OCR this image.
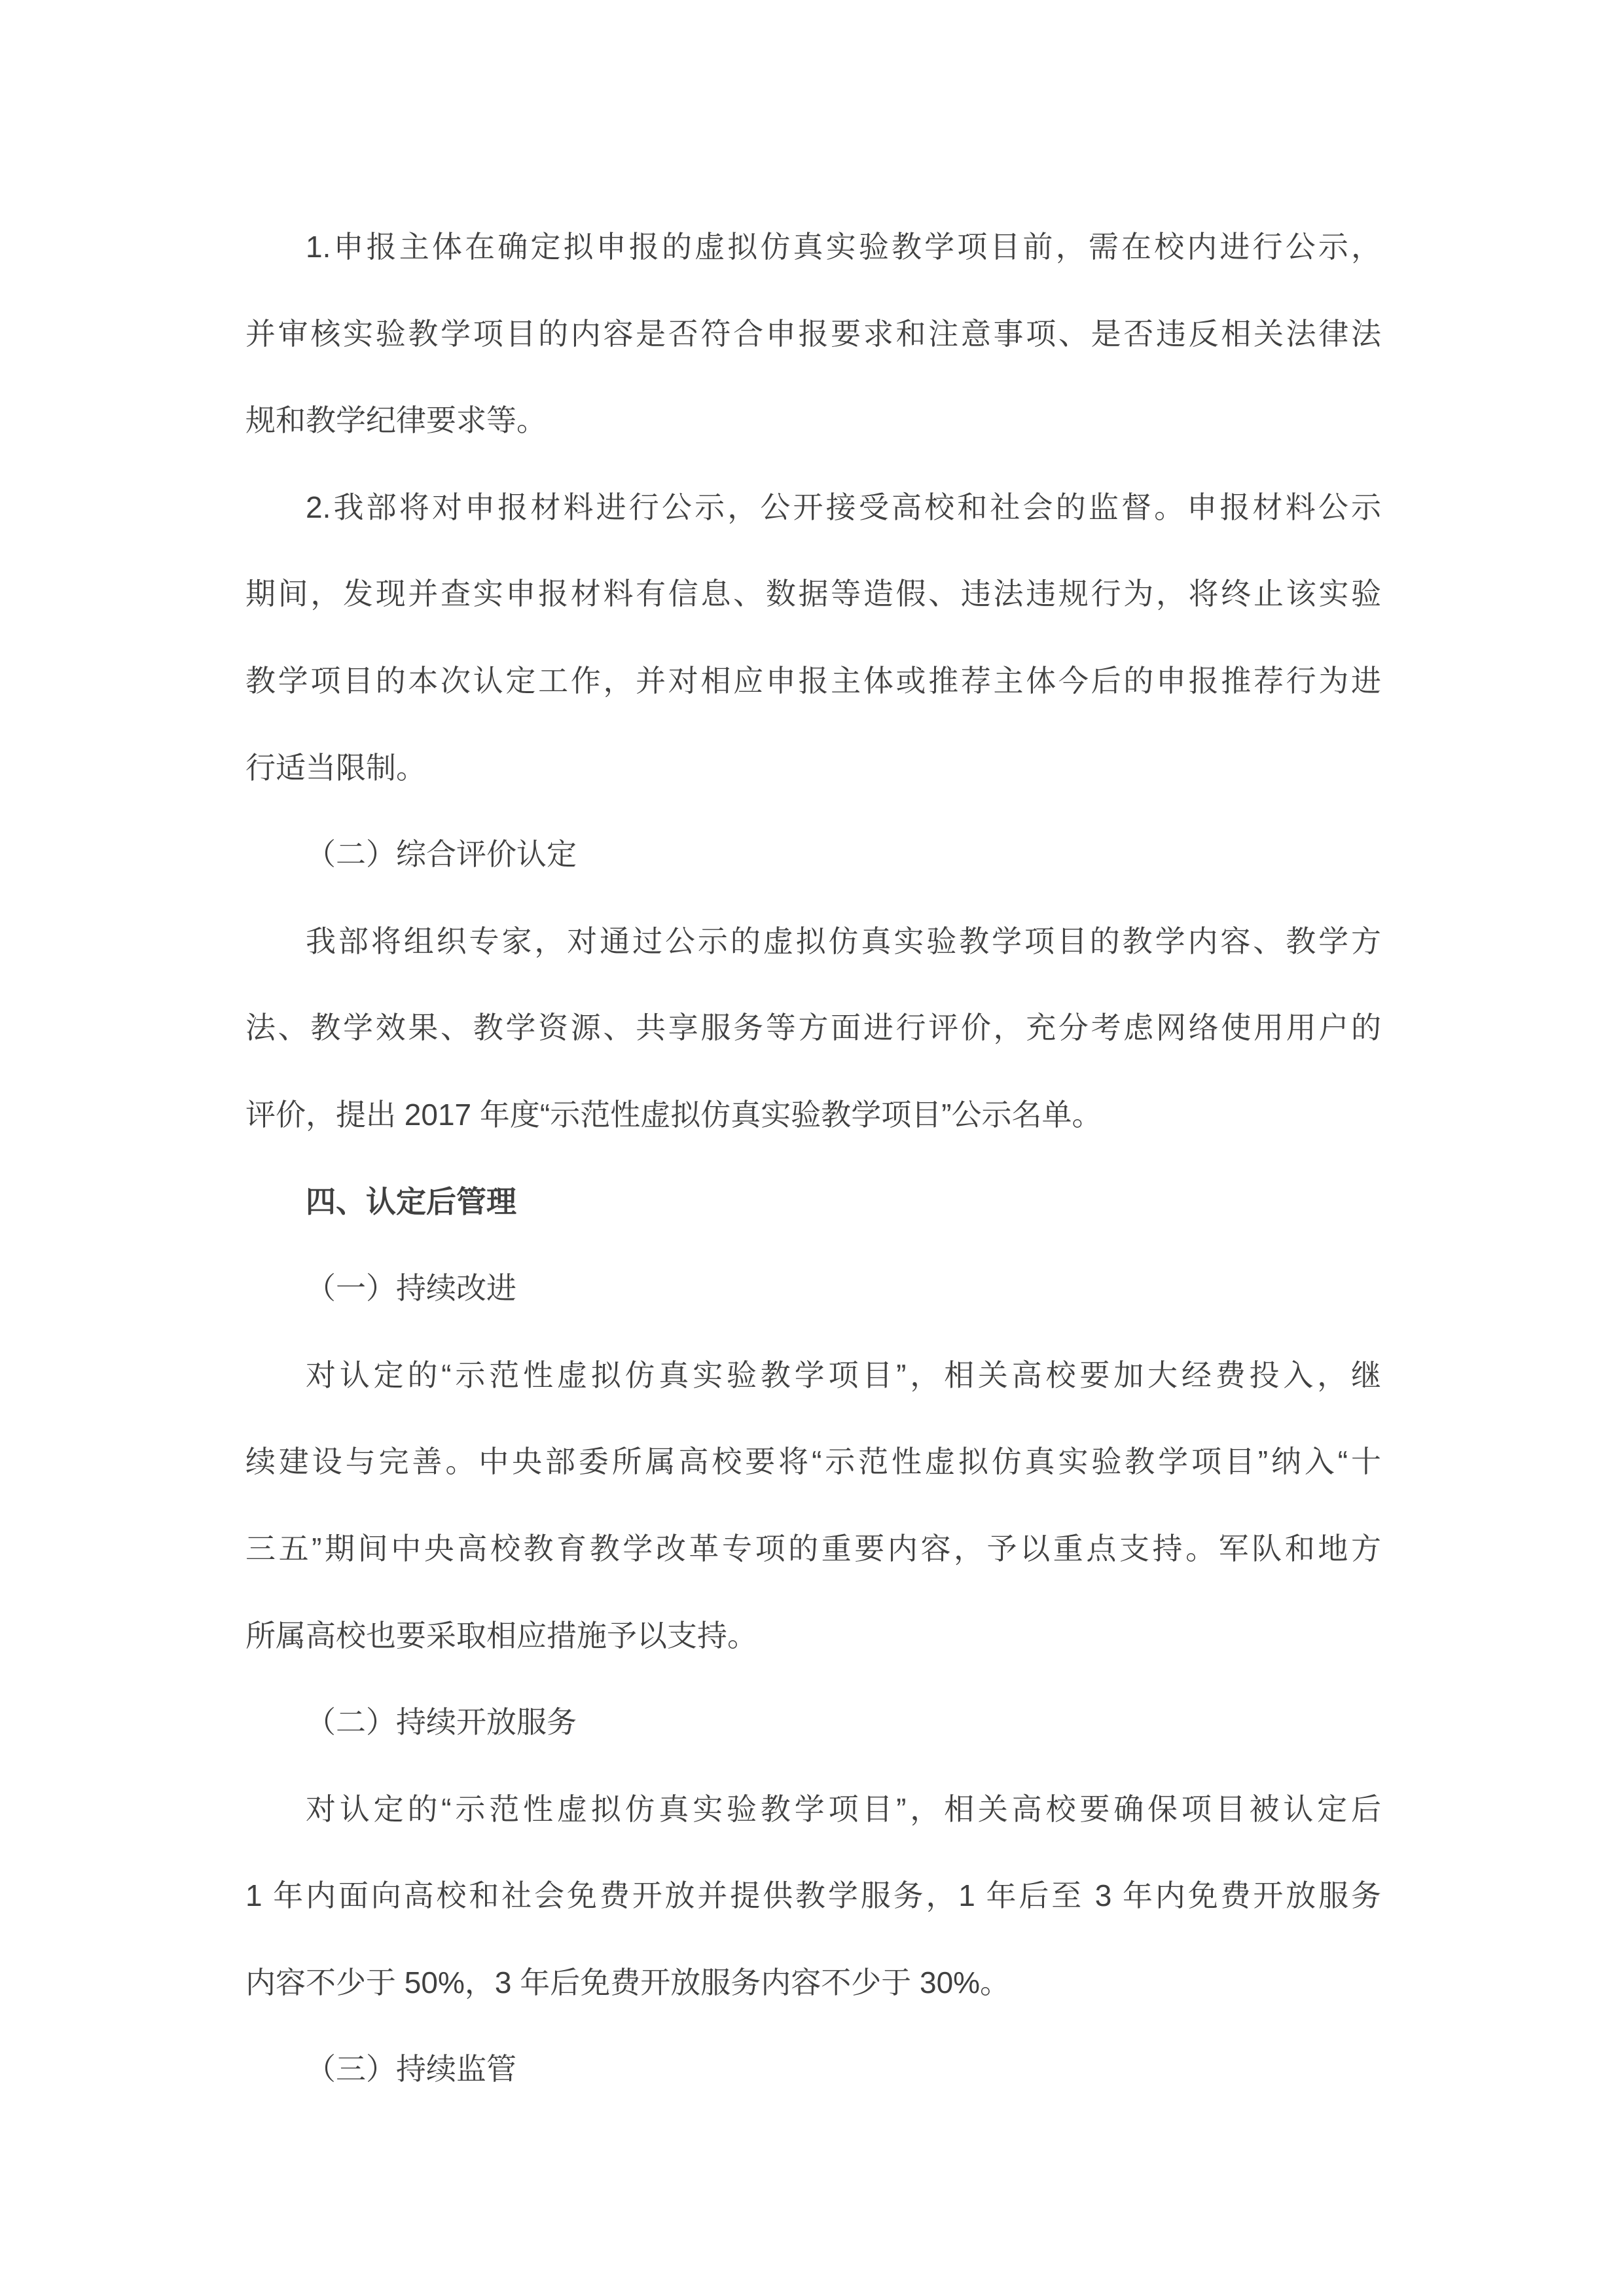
1.申报主体在确定拟申报的虚拟仿真实验教学项目前，需在校内进行公示，
并审核实验教学项目的内容是否符合申报要求和注意事项、是否违反相关法律法
规和教学纪律要求等。
2.我部将对申报材料进行公示，公开接受高校和社会的监督。申报材料公示
期间，发现并查实申报材料有信息、数据等造假、违法违规行为，将终止该实验
教学项目的本次认定工作，并对相应申报主体或推荐主体今后的申报推荐行为进
行适当限制。
（二）综合评价认定
我部将组织专家，对通过公示的虚拟仿真实验教学项目的教学内容、教学方
法、教学效果、教学资源、共享服务等方面进行评价，充分考虑网络使用用户的
评价，提出 2017 年度“示范性虚拟仿真实验教学项目”公示名单。
四、认定后管理
（一）持续改进
对认定的“示范性虚拟仿真实验教学项目”，相关高校要加大经费投入，继
续建设与完善。中央部委所属高校要将“示范性虚拟仿真实验教学项目”纳入“十
三五”期间中央高校教育教学改革专项的重要内容，予以重点支持。军队和地方
所属高校也要采取相应措施予以支持。
（二）持续开放服务
对认定的“示范性虚拟仿真实验教学项目”，相关高校要确保项目被认定后
1 年内面向高校和社会免费开放并提供教学服务，1 年后至 3 年内免费开放服务
内容不少于 50%，3 年后免费开放服务内容不少于 30%。
（三）持续监管
